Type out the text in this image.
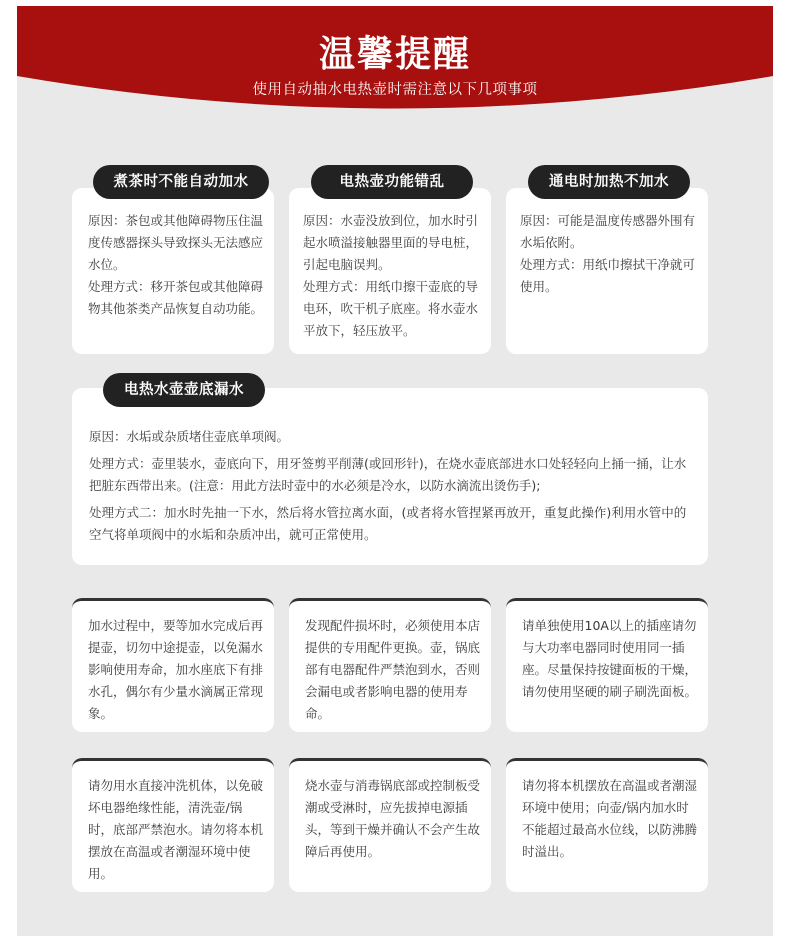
温馨提醒
使用自动抽水电热壶时需注意以下几项事项

原因：茶包或其他障碍物压住温度传感器探头导致探头无法感应水位。

处理方式：移开茶包或其他障碍物其他茶类产品恢复自动功能。

煮茶时不能自动加水

原因：水壶没放到位，加水时引起水喷溢接触器里面的导电桩，引起电脑误判。

处理方式：用纸巾擦干壶底的导电环，吹干机子底座。将水壶水平放下，轻压放平。

电热壶功能错乱

原因：可能是温度传感器外围有水垢依附。

处理方式：用纸巾擦拭干净就可使用。

通电时加热不加水

原因：水垢或杂质堵住壶底单项阀。

处理方式：壶里装水，壶底向下，用牙签剪平削薄(或回形针)，在烧水壶底部进水口处轻轻向上捅一捅，让水把脏东西带出来。(注意：用此方法时壶中的水必须是冷水，以防水滴流出烫伤手);

处理方式二：加水时先抽一下水，然后将水管拉离水面，(或者将水管捏紧再放开，重复此操作)利用水管中的空气将单项阀中的水垢和杂质冲出，就可正常使用。

电热水壶壶底漏水
加水过程中，要等加水完成后再提壶，切勿中途提壶，以免漏水影响使用寿命，加水座底下有排水孔，偶尔有少量水滴属正常现象。
发现配件损坏时，必须使用本店提供的专用配件更换。壶，锅底部有电器配件严禁泡到水，否则会漏电或者影响电器的使用寿命。
请单独使用10A以上的插座请勿与大功率电器同时使用同一插座。尽量保持按键面板的干燥，请勿使用坚硬的刷子刷洗面板。
请勿用水直接冲洗机体，以免破坏电器绝缘性能，清洗壶/锅时，底部严禁泡水。请勿将本机摆放在高温或者潮湿环境中使用。
烧水壶与消毒锅底部或控制板受潮或受淋时，应先拔掉电源插头，等到干燥并确认不会产生故障后再使用。
请勿将本机摆放在高温或者潮湿环境中使用；向壶/锅内加水时不能超过最高水位线，以防沸腾时溢出。
